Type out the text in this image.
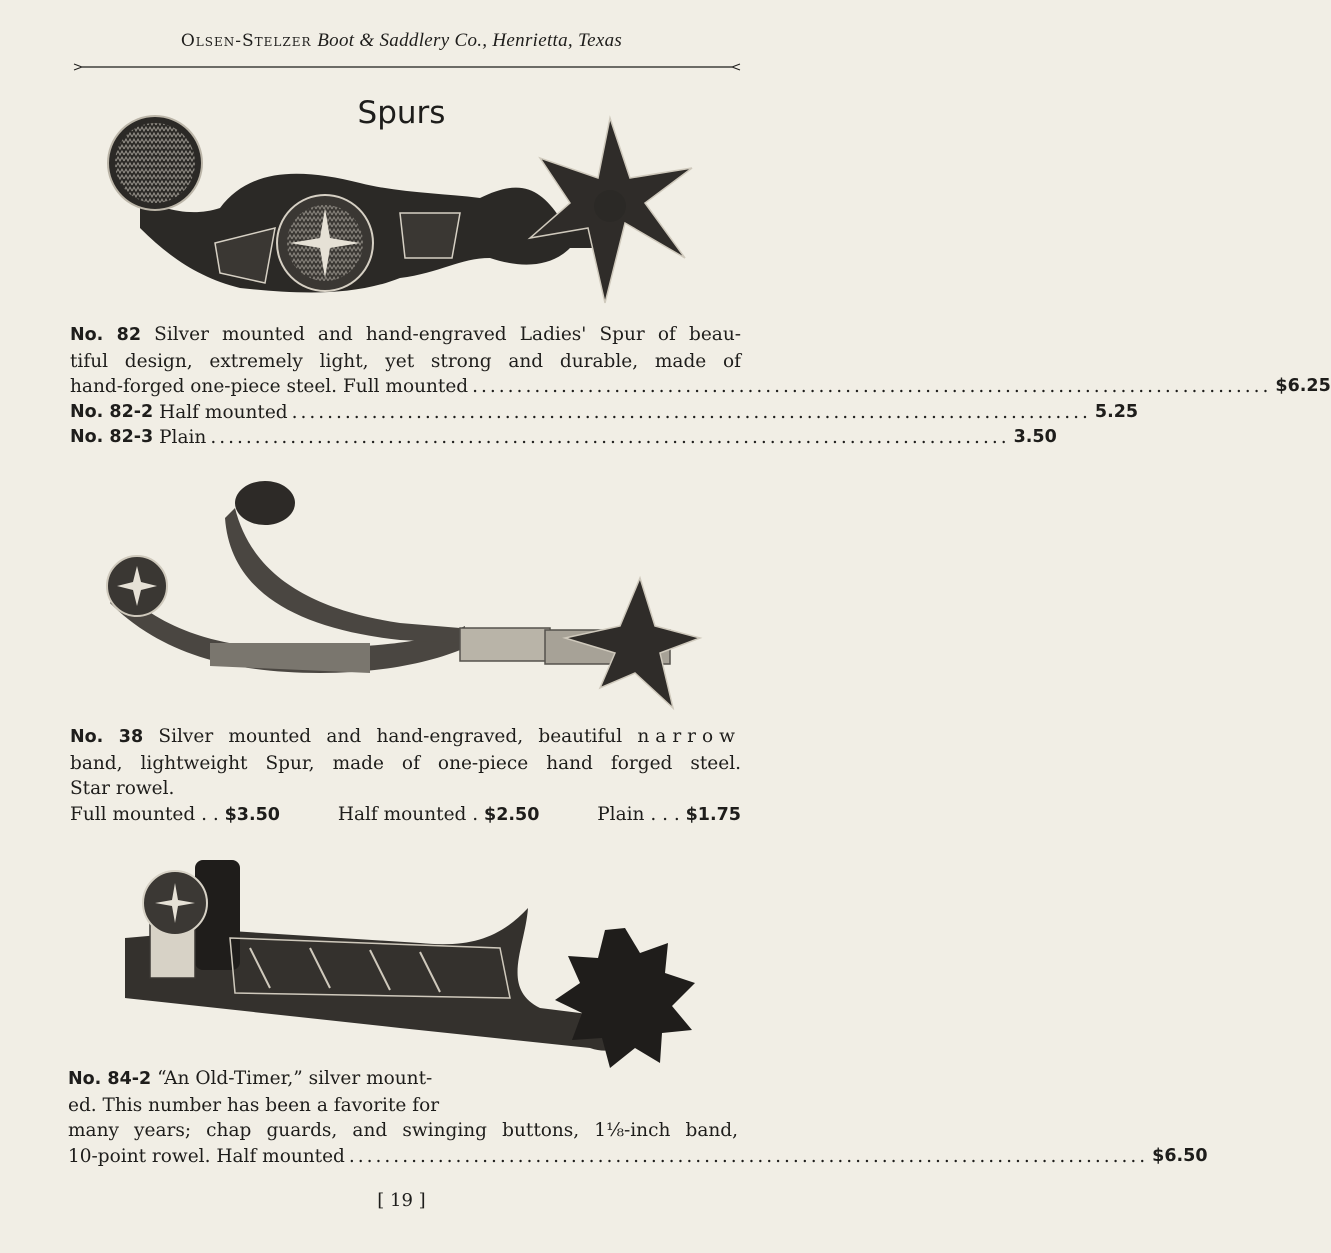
Olsen-Stelzer Boot & Saddlery Co., Henrietta, Texas
Spurs
No. 82 Silver mounted and hand-engraved Ladies' Spur of beau-
tiful design, extremely light, yet strong and durable, made of
hand-forged one-piece steel. Full mounted .......................................................................................... $6.25
No. 82-2
Half mounted .......................................................................................... 5.25
No. 82-3
Plain .......................................................................................... 3.50
No. 38 Silver mounted and hand-engraved, beautiful narrow
band, lightweight Spur, made of one-piece hand forged steel.
Star rowel.
Full mounted . . $3.50	Half mounted . $2.50	Plain . . . $1.75
No. 84-2 “An Old-Timer,” silver mount-
ed. This number has been a favorite for
many years; chap guards, and swinging buttons, 1⅛-inch band,
10-point rowel. Half mounted .......................................................................................... $6.50
[ 19 ]
